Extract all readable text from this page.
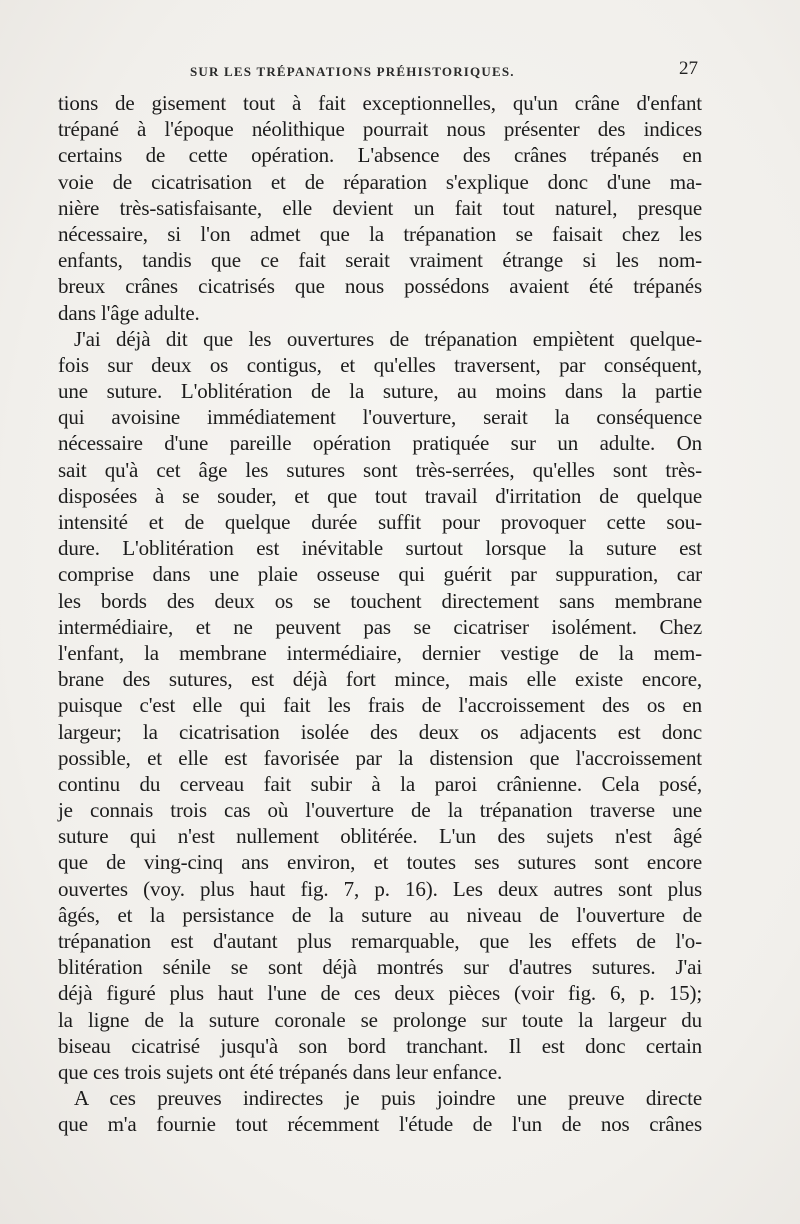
SUR LES TRÉPANATIONS PRÉHISTORIQUES.	27
tions de gisement tout à fait exceptionnelles, qu'un crâne d'enfant
trépané à l'époque néolithique pourrait nous présenter des indices
certains de cette opération. L'absence des crânes trépanés en
voie de cicatrisation et de réparation s'explique donc d'une ma-
nière très-satisfaisante, elle devient un fait tout naturel, presque
nécessaire, si l'on admet que la trépanation se faisait chez les
enfants, tandis que ce fait serait vraiment étrange si les nom-
breux crânes cicatrisés que nous possédons avaient été trépanés
dans l'âge adulte.
J'ai déjà dit que les ouvertures de trépanation empiètent quelque-
fois sur deux os contigus, et qu'elles traversent, par conséquent,
une suture. L'oblitération de la suture, au moins dans la partie
qui avoisine immédiatement l'ouverture, serait la conséquence
nécessaire d'une pareille opération pratiquée sur un adulte. On
sait qu'à cet âge les sutures sont très-serrées, qu'elles sont très-
disposées à se souder, et que tout travail d'irritation de quelque
intensité et de quelque durée suffit pour provoquer cette sou-
dure. L'oblitération est inévitable surtout lorsque la suture est
comprise dans une plaie osseuse qui guérit par suppuration, car
les bords des deux os se touchent directement sans membrane
intermédiaire, et ne peuvent pas se cicatriser isolément. Chez
l'enfant, la membrane intermédiaire, dernier vestige de la mem-
brane des sutures, est déjà fort mince, mais elle existe encore,
puisque c'est elle qui fait les frais de l'accroissement des os en
largeur; la cicatrisation isolée des deux os adjacents est donc
possible, et elle est favorisée par la distension que l'accroissement
continu du cerveau fait subir à la paroi crânienne. Cela posé,
je connais trois cas où l'ouverture de la trépanation traverse une
suture qui n'est nullement oblitérée. L'un des sujets n'est âgé
que de ving-cinq ans environ, et toutes ses sutures sont encore
ouvertes (voy. plus haut fig. 7, p. 16). Les deux autres sont plus
âgés, et la persistance de la suture au niveau de l'ouverture de
trépanation est d'autant plus remarquable, que les effets de l'o-
blitération sénile se sont déjà montrés sur d'autres sutures. J'ai
déjà figuré plus haut l'une de ces deux pièces (voir fig. 6, p. 15);
la ligne de la suture coronale se prolonge sur toute la largeur du
biseau cicatrisé jusqu'à son bord tranchant. Il est donc certain
que ces trois sujets ont été trépanés dans leur enfance.
A ces preuves indirectes je puis joindre une preuve directe
que m'a fournie tout récemment l'étude de l'un de nos crânes
